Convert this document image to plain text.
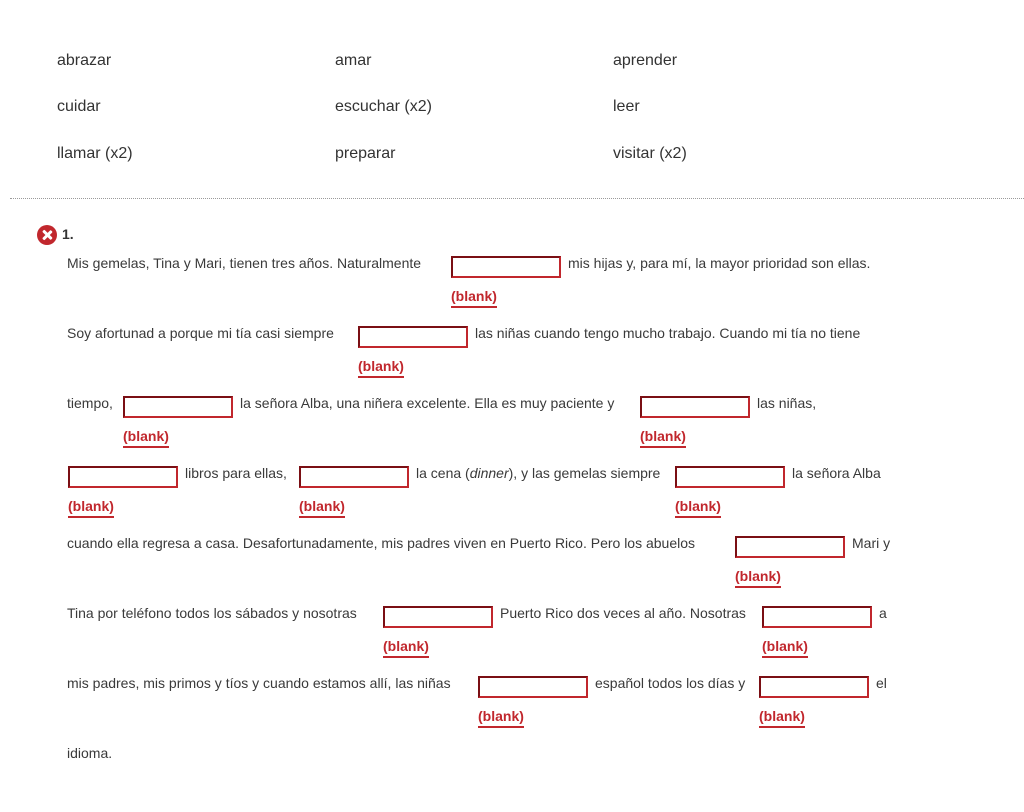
abrazar	amar	aprender
cuidar	escuchar (x2)	leer
llamar (x2)	preparar	visitar (x2)
1.
Mis gemelas, Tina y Mari, tienen tres años. Naturalmente	mis hijas y, para mí, la mayor prioridad son ellas.
(blank)
Soy afortunad a porque mi tía casi siempre	las niñas cuando tengo mucho trabajo. Cuando mi tía no tiene
(blank)
tiempo,	la señora Alba, una niñera excelente. Ella es muy paciente y	las niñas,
(blank)	(blank)
libros para ellas,	la cena (dinner), y las gemelas siempre	la señora Alba
(blank)	(blank)	(blank)
cuando ella regresa a casa. Desafortunadamente, mis padres viven en Puerto Rico. Pero los abuelos	Mari y
(blank)
Tina por teléfono todos los sábados y nosotras	Puerto Rico dos veces al año. Nosotras	a
(blank)	(blank)
mis padres, mis primos y tíos y cuando estamos allí, las niñas	español todos los días y	el
(blank)	(blank)
idioma.
